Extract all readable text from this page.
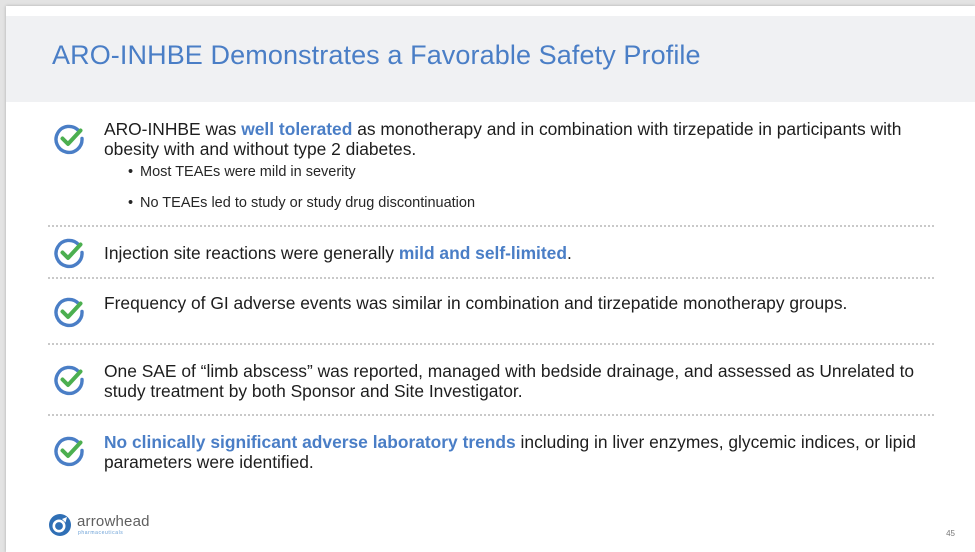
ARO-INHBE Demonstrates a Favorable Safety Profile
ARO-INHBE was well tolerated as monotherapy and in combination with tirzepatide in participants with obesity with and without type 2 diabetes.
• Most TEAEs were mild in severity
• No TEAEs led to study or study drug discontinuation
Injection site reactions were generally mild and self-limited.
Frequency of GI adverse events was similar in combination and tirzepatide monotherapy groups.
One SAE of “limb abscess” was reported, managed with bedside drainage, and assessed as Unrelated to study treatment by both Sponsor and Site Investigator.
No clinically significant adverse laboratory trends including in liver enzymes, glycemic indices, or lipid parameters were identified.
arrowhead
pharmaceuticals	45
